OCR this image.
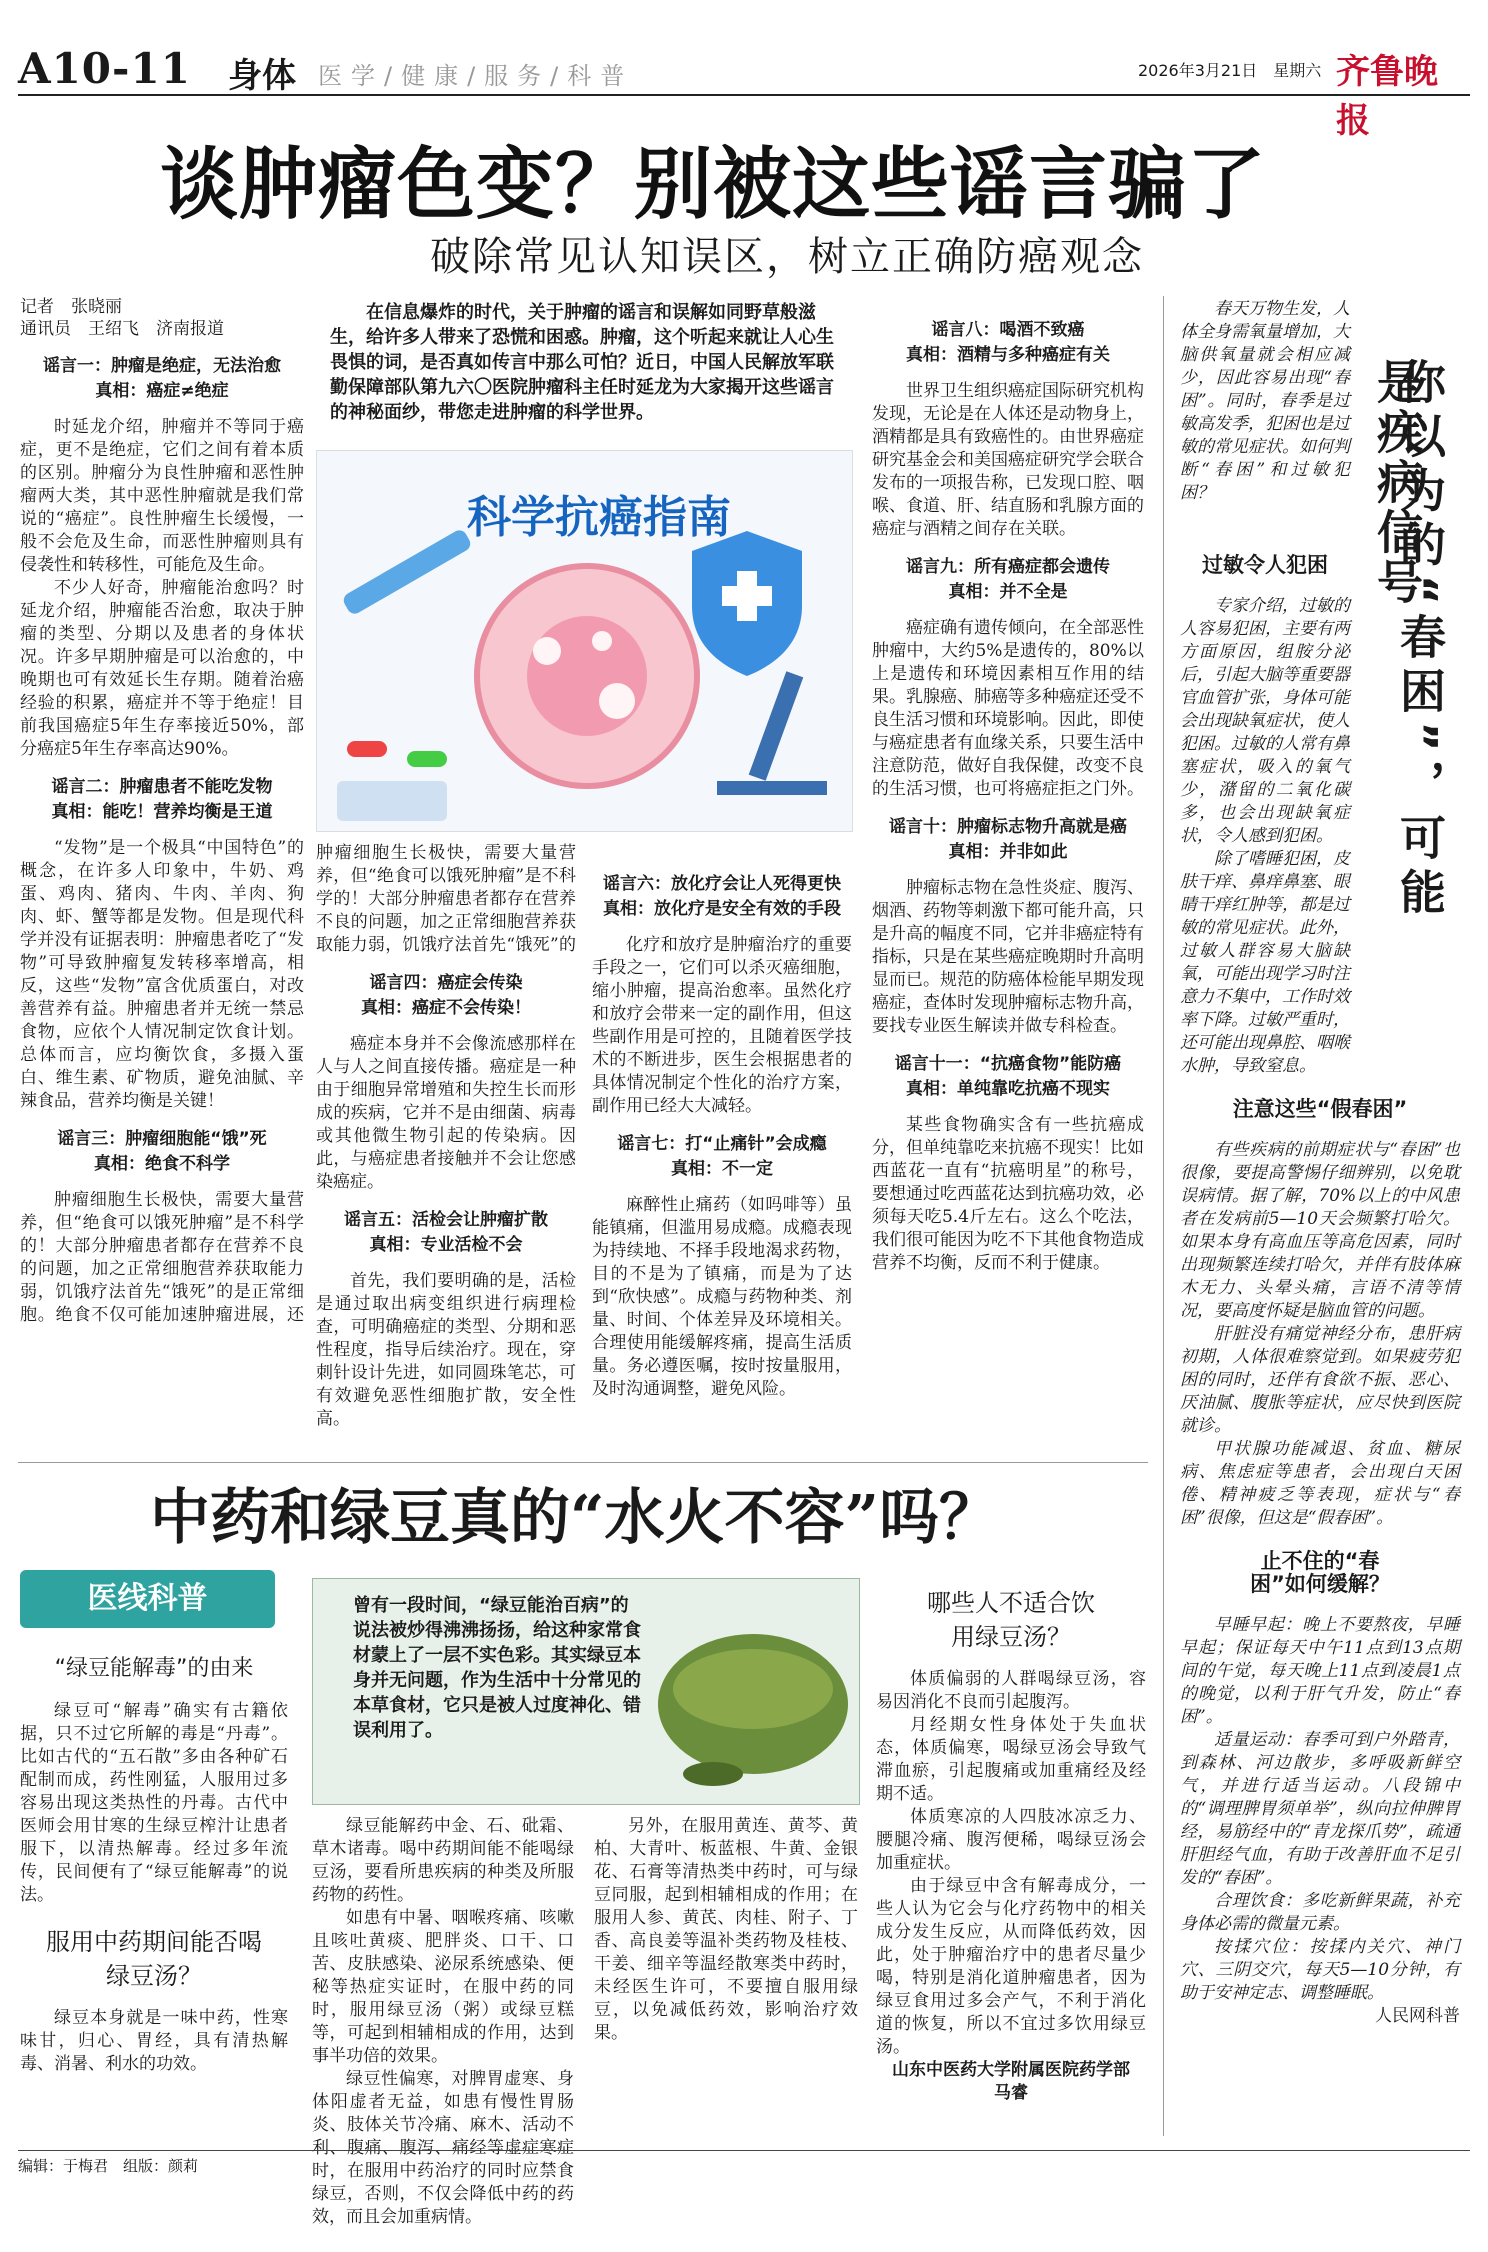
A10-11 身体 医学/健康/服务/科普	2026年3月21日　 星期六 齐鲁晚报
谈肿瘤色变？别被这些谣言骗了
破除常见认知误区，树立正确防癌观念
记者　张晓丽
通讯员　王绍飞　济南报道
谣言一：肿瘤是绝症，无法治愈
真相：癌症≠绝症

时延龙介绍，肿瘤并不等同于癌症，更不是绝症，它们之间有着本质的区别。肿瘤分为良性肿瘤和恶性肿瘤两大类，其中恶性肿瘤就是我们常说的“癌症”。良性肿瘤生长缓慢，一般不会危及生命，而恶性肿瘤则具有侵袭性和转移性，可能危及生命。

不少人好奇，肿瘤能治愈吗？时延龙介绍，肿瘤能否治愈，取决于肿瘤的类型、分期以及患者的身体状况。许多早期肿瘤是可以治愈的，中晚期也可有效延长生存期。随着治癌经验的积累，癌症并不等于绝症！目前我国癌症5年生存率接近50%，部分癌症5年生存率高达90%。

谣言二：肿瘤患者不能吃发物
真相：能吃！营养均衡是王道

“发物”是一个极具“中国特色”的概念，在许多人印象中，牛奶、鸡蛋、鸡肉、猪肉、牛肉、羊肉、狗肉、虾、蟹等都是发物。但是现代科学并没有证据表明：肿瘤患者吃了“发物”可导致肿瘤复发转移率增高，相反，这些“发物”富含优质蛋白，对改善营养有益。肿瘤患者并无统一禁忌食物，应依个人情况制定饮食计划。总体而言，应均衡饮食，多摄入蛋白、维生素、矿物质，避免油腻、辛辣食品，营养均衡是关键！

谣言三：肿瘤细胞能“饿”死
真相：绝食不科学

肿瘤细胞生长极快，需要大量营养，但“绝食可以饿死肿瘤”是不科学的！大部分肿瘤患者都存在营养不良的问题，加之正常细胞营养获取能力弱，饥饿疗法首先“饿死”的是正常细胞。绝食不仅可能加速肿瘤进展，还

在信息爆炸的时代，关于肿瘤的谣言和误解如同野草般滋生，给许多人带来了恐慌和困惑。肿瘤，这个听起来就让人心生畏惧的词，是否真如传言中那么可怕？近日，中国人民解放军联勤保障部队第九六〇医院肿瘤科主任时延龙为大家揭开这些谣言的神秘面纱，带您走进肿瘤的科学世界。
科学抗癌指南

肿瘤细胞生长极快，需要大量营养，但“绝食可以饿死肿瘤”是不科学的！大部分肿瘤患者都存在营养不良的问题，加之正常细胞营养获取能力弱，饥饿疗法首先“饿死”的

谣言四：癌症会传染
真相：癌症不会传染！

癌症本身并不会像流感那样在人与人之间直接传播。癌症是一种由于细胞异常增殖和失控生长而形成的疾病，它并不是由细菌、病毒或其他微生物引起的传染病。因此，与癌症患者接触并不会让您感染癌症。

谣言五：活检会让肿瘤扩散
真相：专业活检不会

首先，我们要明确的是，活检是通过取出病变组织进行病理检查，可明确癌症的类型、分期和恶性程度，指导后续治疗。现在，穿刺针设计先进，如同圆珠笔芯，可有效避免恶性细胞扩散，安全性高。

谣言六：放化疗会让人死得更快
真相：放化疗是安全有效的手段

化疗和放疗是肿瘤治疗的重要手段之一，它们可以杀灭癌细胞，缩小肿瘤，提高治愈率。虽然化疗和放疗会带来一定的副作用，但这些副作用是可控的，且随着医学技术的不断进步，医生会根据患者的具体情况制定个性化的治疗方案，副作用已经大大减轻。

谣言七：打“止痛针”会成瘾
真相：不一定

麻醉性止痛药（如吗啡等）虽能镇痛，但滥用易成瘾。成瘾表现为持续地、不择手段地渴求药物，目的不是为了镇痛，而是为了达到“欣快感”。成瘾与药物种类、剂量、时间、个体差异及环境相关。合理使用能缓解疼痛，提高生活质量。务必遵医嘱，按时按量服用，及时沟通调整，避免风险。

谣言八：喝酒不致癌
真相：酒精与多种癌症有关

世界卫生组织癌症国际研究机构发现，无论是在人体还是动物身上，酒精都是具有致癌性的。由世界癌症研究基金会和美国癌症研究学会联合发布的一项报告称，已发现口腔、咽喉、食道、肝、结直肠和乳腺方面的癌症与酒精之间存在关联。

谣言九：所有癌症都会遗传
真相：并不全是

癌症确有遗传倾向，在全部恶性肿瘤中，大约5%是遗传的，80%以上是遗传和环境因素相互作用的结果。乳腺癌、肺癌等多种癌症还受不良生活习惯和环境影响。因此，即使与癌症患者有血缘关系，只要生活中注意防范，做好自我保健，改变不良的生活习惯，也可将癌症拒之门外。

谣言十：肿瘤标志物升高就是癌
真相：并非如此

肿瘤标志物在急性炎症、腹泻、烟酒、药物等刺激下都可能升高，只是升高的幅度不同，它并非癌症特有指标，只是在某些癌症晚期时升高明显而已。规范的防癌体检能早期发现癌症，查体时发现肿瘤标志物升高，要找专业医生解读并做专科检查。

谣言十一：“抗癌食物”能防癌
真相：单纯靠吃抗癌不现实

某些食物确实含有一些抗癌成分，但单纯靠吃来抗癌不现实！比如西蓝花一直有“抗癌明星”的称号，要想通过吃西蓝花达到抗癌功效，必须每天吃5.4斤左右。这么个吃法，我们很可能因为吃不下其他食物造成营养不均衡，反而不利于健康。

春天万物生发，人体全身需氧量增加，大脑供氧量就会相应减少，因此容易出现“春困”。同时，春季是过敏高发季，犯困也是过敏的常见症状。如何判断“春困”和过敏犯困？	你以为的“春困”，可能是疾病信号
过敏令人犯困

专家介绍，过敏的人容易犯困，主要有两方面原因，组胺分泌后，引起大脑等重要器官血管扩张，身体可能会出现缺氧症状，使人犯困。过敏的人常有鼻塞症状，吸入的氧气少，潴留的二氧化碳多，也会出现缺氧症状，令人感到犯困。

除了嗜睡犯困，皮肤干痒、鼻痒鼻塞、眼睛干痒红肿等，都是过敏的常见症状。此外，过敏人群容易大脑缺氧，可能出现学习时注意力不集中，工作时效率下降。过敏严重时，还可能出现鼻腔、咽喉水肿，导致窒息。

注意这些“假春困”

有些疾病的前期症状与“春困”也很像，要提高警惕仔细辨别，以免耽误病情。据了解，70%以上的中风患者在发病前5—10天会频繁打哈欠。如果本身有高血压等高危因素，同时出现频繁连续打哈欠，并伴有肢体麻木无力、头晕头痛，言语不清等情况，要高度怀疑是脑血管的问题。

肝脏没有痛觉神经分布，患肝病初期，人体很难察觉到。如果疲劳犯困的同时，还伴有食欲不振、恶心、厌油腻、腹胀等症状，应尽快到医院就诊。

甲状腺功能减退、贫血、糖尿病、焦虑症等患者，会出现白天困倦、精神疲乏等表现，症状与“春困”很像，但这是“假春困”。

止不住的“春困”如何缓解？

早睡早起：晚上不要熬夜，早睡早起；保证每天中午11点到13点期间的午觉，每天晚上11点到凌晨1点的晚觉，以利于肝气升发，防止“春困”。

适量运动：春季可到户外踏青，到森林、河边散步，多呼吸新鲜空气，并进行适当运动。八段锦中的“调理脾胃须单举”，纵向拉伸脾胃经，易筋经中的“青龙探爪势”，疏通肝胆经气血，有助于改善肝血不足引发的“春困”。

合理饮食：多吃新鲜果蔬，补充身体必需的微量元素。

按揉穴位：按揉内关穴、神门穴、三阴交穴，每天5—10分钟，有助于安神定志、调整睡眠。

人民网科普
中药和绿豆真的“水火不容”吗？
医线科普
“绿豆能解毒”的由来

绿豆可“解毒”确实有古籍依据，只不过它所解的毒是“丹毒”。比如古代的“五石散”多由各种矿石配制而成，药性刚猛，人服用过多容易出现这类热性的丹毒。古代中医师会用甘寒的生绿豆榨汁让患者服下，以清热解毒。经过多年流传，民间便有了“绿豆能解毒”的说法。

服用中药期间能否喝绿豆汤？

绿豆本身就是一味中药，性寒味甘，归心、胃经，具有清热解毒、消暑、利水的功效。

曾有一段时间，“绿豆能治百病”的说法被炒得沸沸扬扬，给这种家常食材蒙上了一层不实色彩。其实绿豆本身并无问题，作为生活中十分常见的本草食材，它只是被人过度神化、错误利用了。

绿豆能解药中金、石、砒霜、草木诸毒。喝中药期间能不能喝绿豆汤，要看所患疾病的种类及所服药物的药性。

如患有中暑、咽喉疼痛、咳嗽且咳吐黄痰、肥胖炎、口干、口苦、皮肤感染、泌尿系统感染、便秘等热症实证时，在服中药的同时，服用绿豆汤（粥）或绿豆糕等，可起到相辅相成的作用，达到事半功倍的效果。

绿豆性偏寒，对脾胃虚寒、身体阳虚者无益，如患有慢性胃肠炎、肢体关节冷痛、麻木、活动不利、腹痛、腹泻、痛经等虚症寒症时，在服用中药治疗的同时应禁食绿豆，否则，不仅会降低中药的药效，而且会加重病情。

另外，在服用黄连、黄芩、黄柏、大青叶、板蓝根、牛黄、金银花、石膏等清热类中药时，可与绿豆同服，起到相辅相成的作用；在服用人参、黄芪、肉桂、附子、丁香、高良姜等温补类药物及桂枝、干姜、细辛等温经散寒类中药时，未经医生许可，不要擅自服用绿豆，以免减低药效，影响治疗效果。

哪些人不适合饮用绿豆汤？

体质偏弱的人群喝绿豆汤，容易因消化不良而引起腹泻。

月经期女性身体处于失血状态，体质偏寒，喝绿豆汤会导致气滞血瘀，引起腹痛或加重痛经及经期不适。

体质寒凉的人四肢冰凉乏力、腰腿冷痛、腹泻便稀，喝绿豆汤会加重症状。

由于绿豆中含有解毒成分，一些人认为它会与化疗药物中的相关成分发生反应，从而降低药效，因此，处于肿瘤治疗中的患者尽量少喝，特别是消化道肿瘤患者，因为绿豆食用过多会产气，不利于消化道的恢复，所以不宜过多饮用绿豆汤。

山东中医药大学附属医院药学部　马睿
编辑：于梅君　组版：颜莉
